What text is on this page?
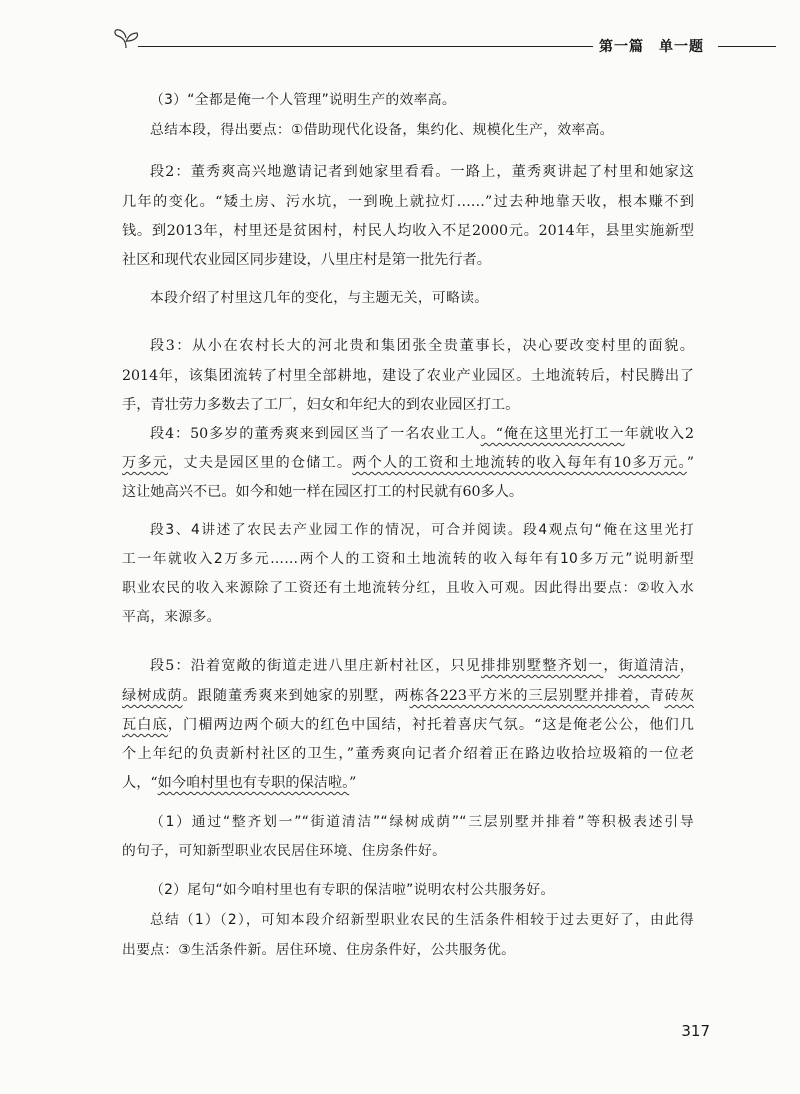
第一篇　单一题
（3）“全都是俺一个人管理”说明生产的效率高。
总结本段，得出要点：①借助现代化设备，集约化、规模化生产，效率高。
段2：董秀爽高兴地邀请记者到她家里看看。一路上，董秀爽讲起了村里和她家这
几年的变化。“矮土房、污水坑，一到晚上就拉灯……”过去种地靠天收，根本赚不到
钱。到2013年，村里还是贫困村，村民人均收入不足2000元。2014年，县里实施新型
社区和现代农业园区同步建设，八里庄村是第一批先行者。
本段介绍了村里这几年的变化，与主题无关，可略读。
段3：从小在农村长大的河北贵和集团张全贵董事长，决心要改变村里的面貌。
2014年，该集团流转了村里全部耕地，建设了农业产业园区。土地流转后，村民腾出了
手，青壮劳力多数去了工厂，妇女和年纪大的到农业园区打工。
段4：50多岁的董秀爽来到园区当了一名农业工人。“俺在这里光打工一年就收入2
万多元，丈夫是园区里的仓储工。两个人的工资和土地流转的收入每年有10多万元。”
这让她高兴不已。如今和她一样在园区打工的村民就有60多人。
段3、4讲述了农民去产业园工作的情况，可合并阅读。段4观点句“俺在这里光打
工一年就收入2万多元……两个人的工资和土地流转的收入每年有10多万元”说明新型
职业农民的收入来源除了工资还有土地流转分红，且收入可观。因此得出要点：②收入水
平高，来源多。
段5：沿着宽敞的街道走进八里庄新村社区，只见排排别墅整齐划一，街道清洁，
绿树成荫。跟随董秀爽来到她家的别墅，两栋各223平方米的三层别墅并排着，青砖灰
瓦白底，门楣两边两个硕大的红色中国结，衬托着喜庆气氛。“这是俺老公公，他们几
个上年纪的负责新村社区的卫生，”董秀爽向记者介绍着正在路边收拾垃圾箱的一位老
人，“如今咱村里也有专职的保洁啦。”
（1）通过“整齐划一”“街道清洁”“绿树成荫”“三层别墅并排着”等积极表述引导
的句子，可知新型职业农民居住环境、住房条件好。
（2）尾句“如今咱村里也有专职的保洁啦”说明农村公共服务好。
总结（1）（2），可知本段介绍新型职业农民的生活条件相较于过去更好了，由此得
出要点：③生活条件新。居住环境、住房条件好，公共服务优。
317
